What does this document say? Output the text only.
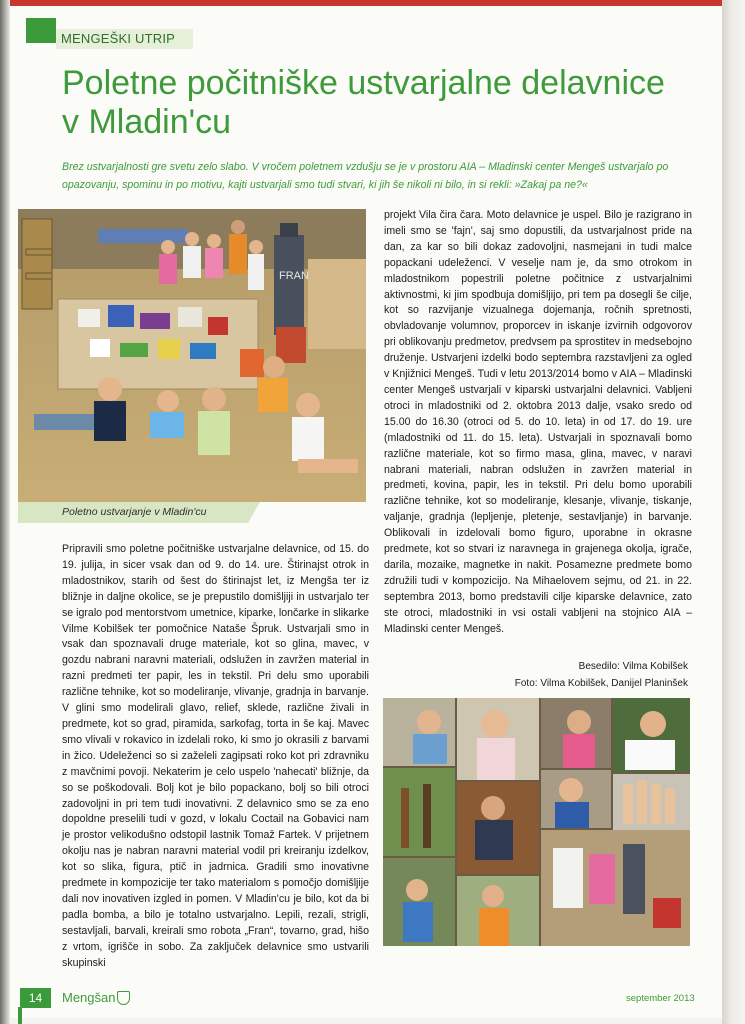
MENGEŠKI UTRIP
Poletne počitniške ustvarjalne delavnice
v Mladin'cu

Brez ustvarjalnosti gre svetu zelo slabo. V vročem poletnem vzdušju se je v prostoru AIA – Mladinski center Mengeš ustvarjalo po opazovanju, spominu in po motivu, kajti ustvarjali smo tudi stvari, ki jih še nikoli ni bilo, in si rekli: »Zakaj pa ne?«

FRAN
Poletno ustvarjanje v Mladin'cu

Pripravili smo poletne počitniške ustvarjalne delavnice, od 15. do 19. julija, in sicer vsak dan od 9. do 14. ure. Štirinajst otrok in mladostnikov, starih od šest do štirinajst let, iz Mengša ter iz bližnje in daljne okolice, se je prepustilo domišljiji in ustvarjalo ter se igralo pod mentorstvom umetnice, kiparke, lončarke in slikarke Vilme Kobilšek ter pomočnice Nataše Špruk. Ustvarjali smo in vsak dan spoznavali druge materiale, kot so glina, mavec, v gozdu nabrani naravni materiali, odslužen in zavržen material in razni predmeti ter papir, les in tekstil. Pri delu smo uporabili različne tehnike, kot so modeliranje, vlivanje, gradnja in barvanje. V glini smo modelirali glavo, relief, sklede, različne živali in predmete, kot so grad, piramida, sarkofag, torta in še kaj. Mavec smo vlivali v rokavico in izdelali roko, ki smo jo okrasili z barvami in žico. Udeleženci so si zaželeli zagipsati roko kot pri zdravniku z mavčnimi povoji. Nekaterim je celo uspelo 'nahecati' bližnje, da so se poškodovali. Bolj kot je bilo popackano, bolj so bili otroci zadovoljni in pri tem tudi inovativni. Z delavnico smo se za eno dopoldne preselili tudi v gozd, v lokalu Coctail na Gobavici nam je prostor velikodušno odstopil lastnik Tomaž Fartek. V prijetnem okolju nas je nabran naravni material vodil pri kreiranju izdelkov, kot so slika, figura, ptič in jadrnica. Gradili smo inovativne predmete in kompozicije ter tako materialom s pomočjo domišljije dali nov inovativen izgled in pomen. V Mladin'cu je bilo, kot da bi padla bomba, a bilo je totalno ustvarjalno. Lepili, rezali, strigli, sestavljali, barvali, kreirali smo robota „Fran“, tovarno, grad, hišo z vrtom, igrišče in sobo. Za zaključek delavnice smo ustvarili skupinski

projekt Vila čira čara. Moto delavnice je uspel. Bilo je razigrano in imeli smo se 'fajn', saj smo dopustili, da ustvarjalnost pride na dan, za kar so bili dokaz zadovoljni, nasmejani in tudi malce popackani udeleženci. V veselje nam je, da smo otrokom in mladostnikom popestrili poletne počitnice z ustvarjalnimi aktivnostmi, ki jim spodbuja domišljijo, pri tem pa dosegli še cilje, kot so razvijanje vizualnega dojemanja, ročnih spretnosti, obvladovanje volumnov, proporcev in iskanje izvirnih odgovorov pri oblikovanju predmetov, predvsem pa sprostitev in medsebojno druženje. Ustvarjeni izdelki bodo septembra razstavljeni za ogled v Knjižnici Mengeš. Tudi v letu 2013/2014 bomo v AIA – Mladinski center Mengeš ustvarjali v kiparski ustvarjalni delavnici. Vabljeni otroci in mladostniki od 2. oktobra 2013 dalje, vsako sredo od 15.00 do 16.30 (otroci od 5. do 10. leta) in od 17. do 19. ure (mladostniki od 11. do 15. leta). Ustvarjali in spoznavali bomo različne materiale, kot so firmo masa, glina, mavec, v naravi nabrani materiali, nabran odslužen in zavržen material in predmeti, kovina, papir, les in tekstil. Pri delu bomo uporabili različne tehnike, kot so modeliranje, klesanje, vlivanje, tiskanje, valjanje, gradnja (lepljenje, pletenje, sestavljanje) in barvanje. Oblikovali in izdelovali bomo figuro, uporabne in okrasne predmete, kot so stvari iz naravnega in grajenega okolja, igrače, darila, mozaike, magnetke in nakit. Posamezne predmete bomo združili tudi v kompozicijo. Na Mihaelovem sejmu, od 21. in 22. septembra 2013, bomo predstavili cilje kiparske delavnice, zato ste otroci, mladostniki in vsi ostali vabljeni na stojnico AIA – Mladinski center Mengeš.

Besedilo: Vilma Kobilšek
Foto: Vilma Kobilšek, Danijel Planinšek
14	Mengšan	september 2013
